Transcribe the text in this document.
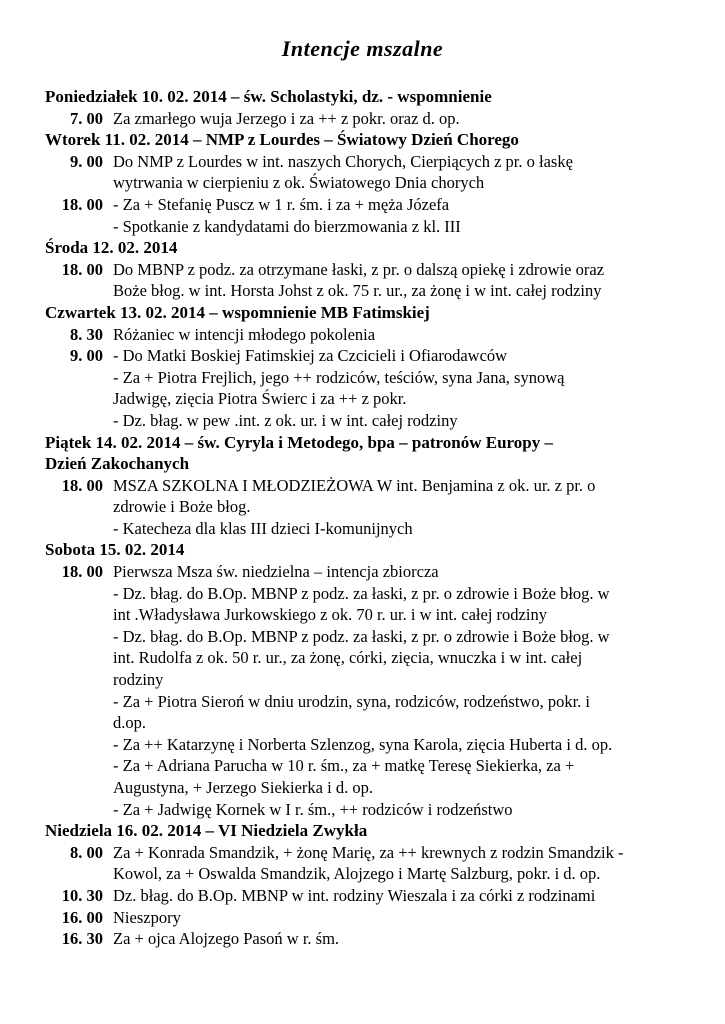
Intencje mszalne
Poniedziałek 10. 02. 2014 – św. Scholastyki, dz. - wspomnienie
7. 00 Za zmarłego wuja Jerzego i za ++ z pokr. oraz d. op.
Wtorek 11. 02. 2014 – NMP z Lourdes – Światowy Dzień Chorego
9. 00 Do NMP z Lourdes w int. naszych Chorych, Cierpiących z pr. o łaskę
wytrwania w cierpieniu z ok. Światowego Dnia chorych
18. 00 - Za + Stefanię Puscz w 1 r. śm. i za + męża Józefa
- Spotkanie z kandydatami do bierzmowania z kl. III
Środa 12. 02. 2014
18. 00 Do MBNP z podz. za otrzymane łaski, z pr. o dalszą opiekę i zdrowie oraz
Boże błog. w int. Horsta Johst z ok. 75 r. ur., za żonę i w int. całej rodziny
Czwartek 13. 02. 2014 – wspomnienie MB Fatimskiej
8. 30 Różaniec w intencji młodego pokolenia
9. 00 - Do Matki Boskiej Fatimskiej za Czcicieli i Ofiarodawców
- Za + Piotra Frejlich, jego ++ rodziców, teściów, syna Jana, synową
Jadwigę, zięcia Piotra Świerc i za ++ z pokr.
- Dz. błag. w pew .int. z ok. ur. i w int. całej rodziny
Piątek 14. 02. 2014 – św. Cyryla i Metodego, bpa – patronów Europy –
Dzień Zakochanych
18. 00 MSZA SZKOLNA I MŁODZIEŻOWA W int. Benjamina z ok. ur. z pr. o
zdrowie i Boże błog.
- Katecheza dla klas III dzieci I-komunijnych
Sobota 15. 02. 2014
18. 00 Pierwsza Msza św. niedzielna – intencja zbiorcza
- Dz. błag. do B.Op. MBNP z podz. za łaski, z pr. o zdrowie i Boże błog. w
int .Władysława Jurkowskiego z ok. 70 r. ur. i w int. całej rodziny
- Dz. błag. do B.Op. MBNP z podz. za łaski, z pr. o zdrowie i Boże błog. w
int. Rudolfa z ok. 50 r. ur., za żonę, córki, zięcia, wnuczka i w int. całej
rodziny
- Za + Piotra Sieroń w dniu urodzin, syna, rodziców, rodzeństwo, pokr. i
d.op.
- Za ++ Katarzynę i Norberta Szlenzog, syna Karola, zięcia Huberta i d. op.
- Za + Adriana Parucha w 10 r. śm., za + matkę Teresę Siekierka, za +
Augustyna, + Jerzego Siekierka i d. op.
- Za + Jadwigę Kornek w I r. śm., ++ rodziców i rodzeństwo
Niedziela 16. 02. 2014 – VI Niedziela Zwykła
8. 00 Za + Konrada Smandzik, + żonę Marię, za ++ krewnych z rodzin Smandzik -
Kowol, za + Oswalda Smandzik, Alojzego i Martę Salzburg, pokr. i d. op.
10. 30 Dz. błag. do B.Op. MBNP w int. rodziny Wieszala i za córki z rodzinami
16. 00 Nieszpory
16. 30 Za + ojca Alojzego Pasoń w r. śm.
